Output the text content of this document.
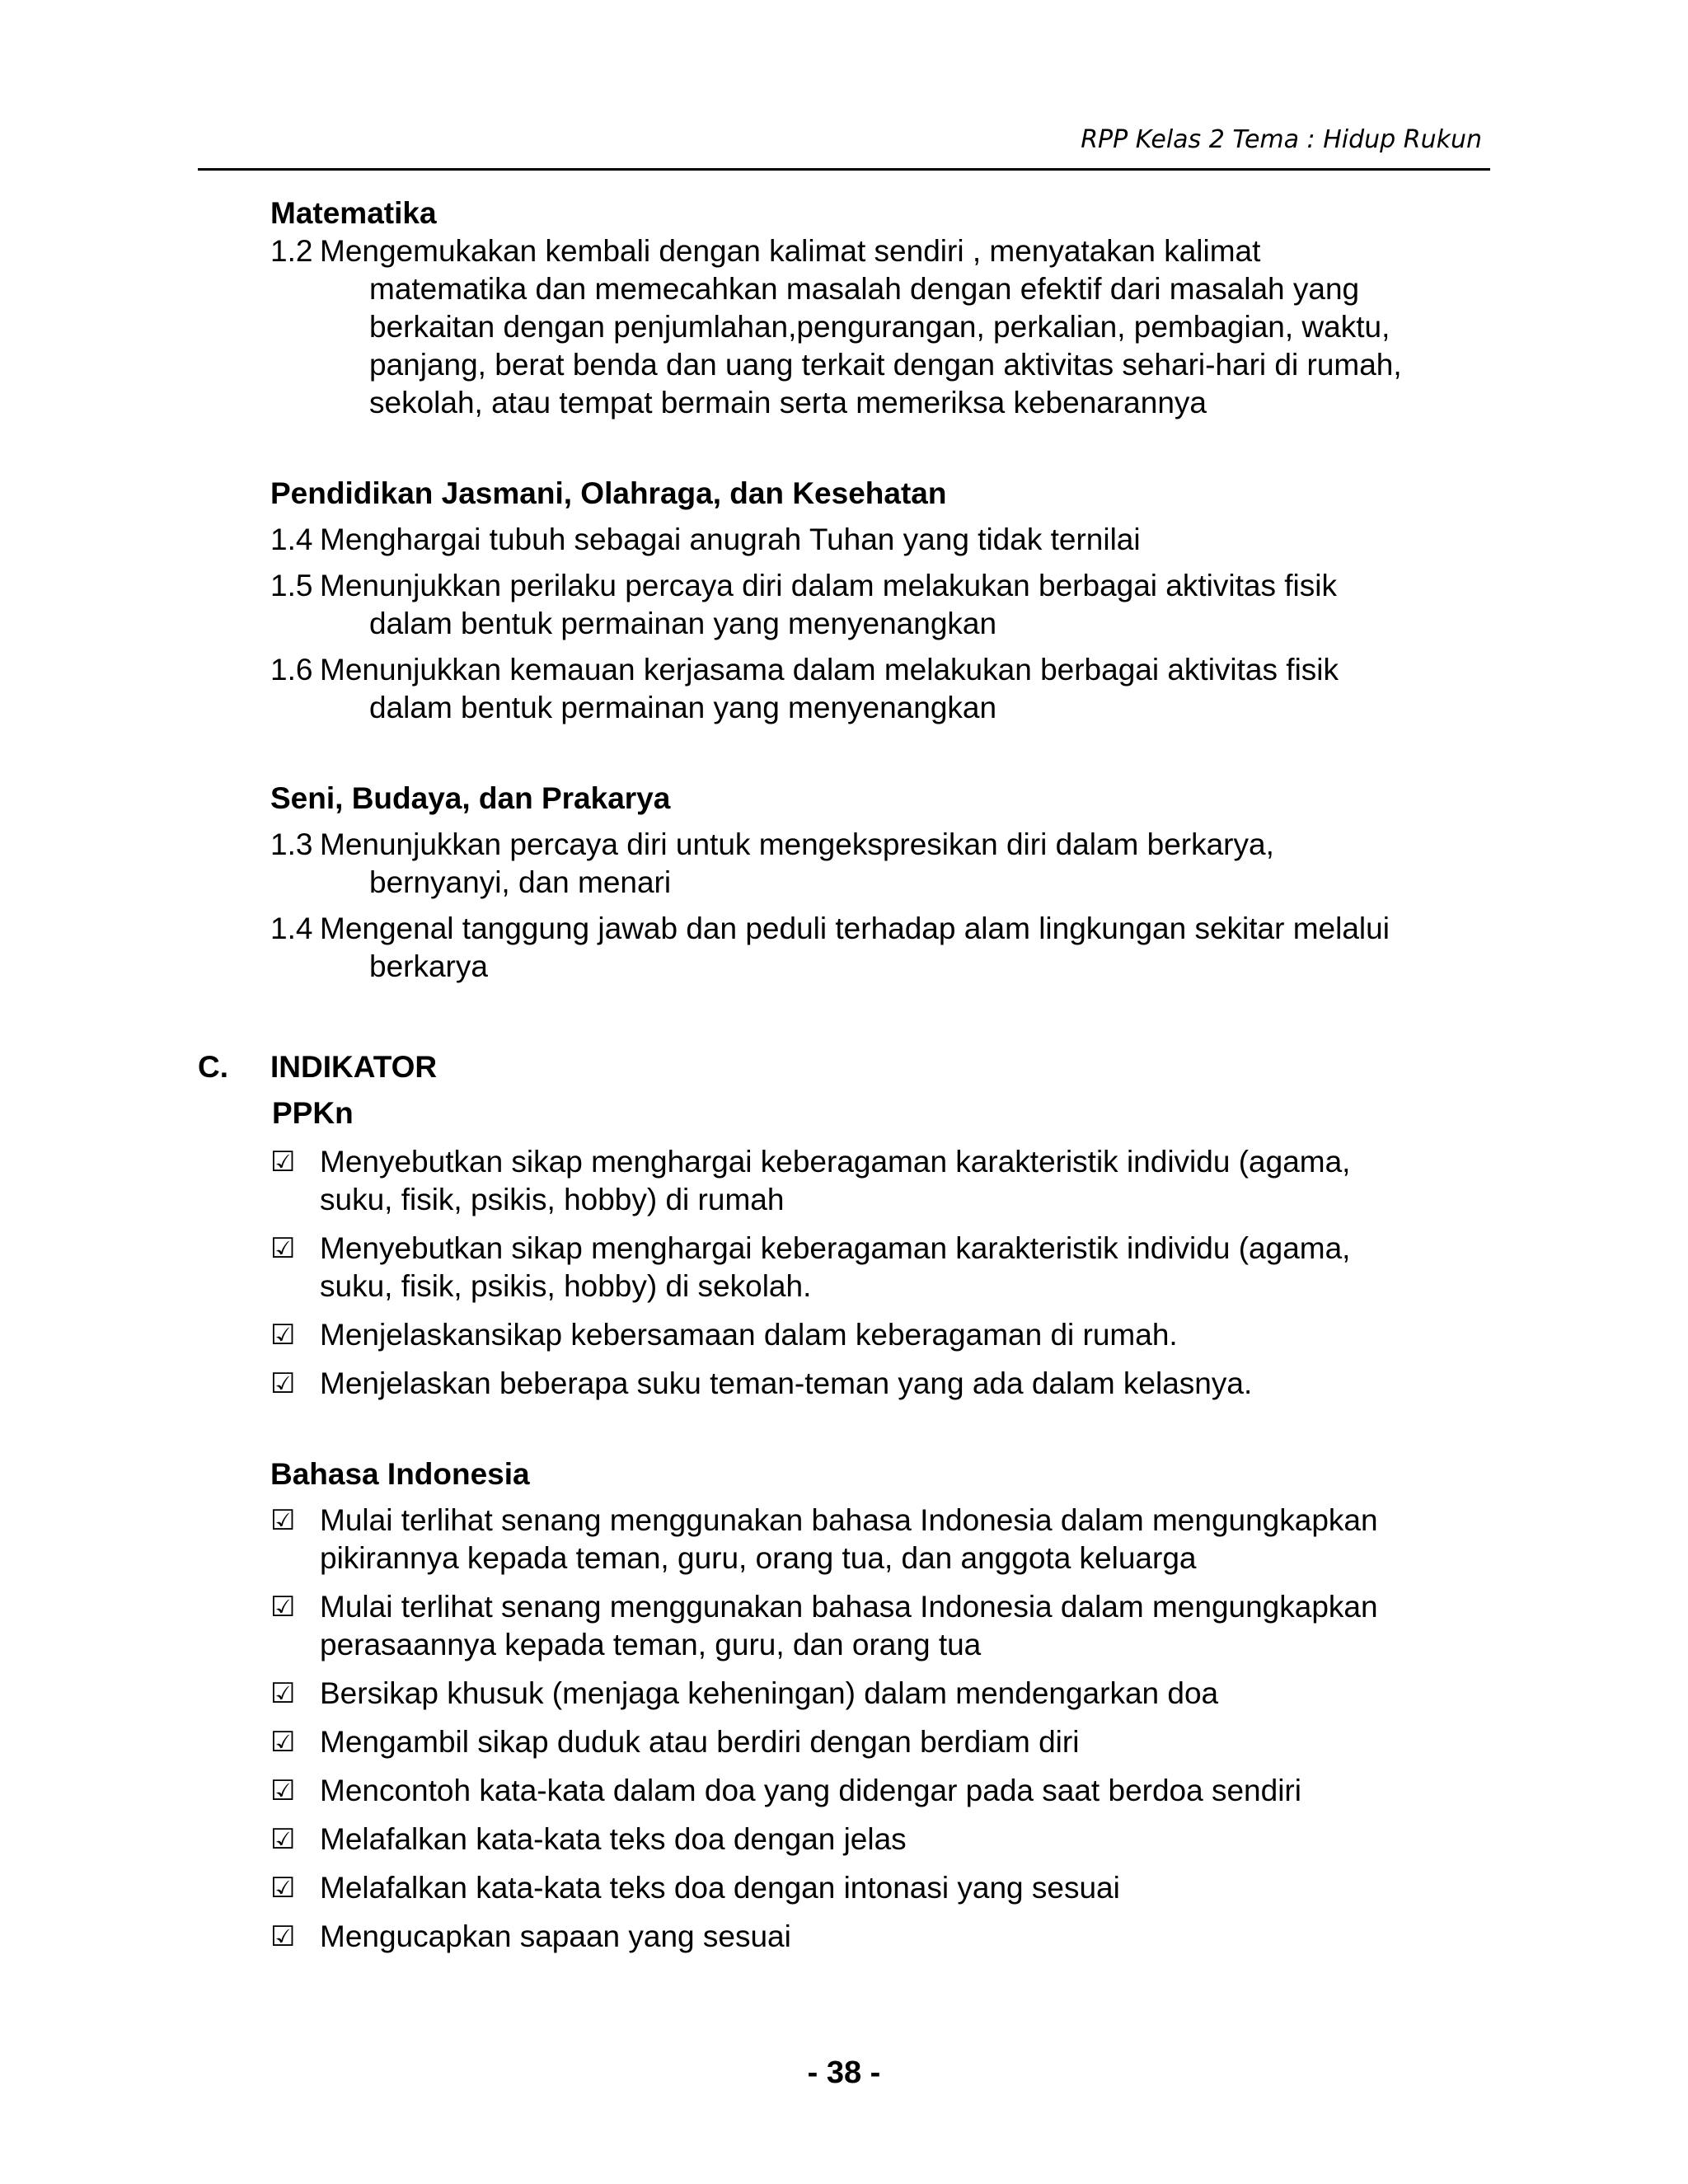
RPP Kelas 2 Tema : Hidup Rukun
Matematika
1.2 Mengemukakan kembali dengan kalimat sendiri , menyatakan kalimat
matematika dan memecahkan masalah dengan efektif dari masalah yang
berkaitan dengan penjumlahan,pengurangan, perkalian, pembagian, waktu,
panjang, berat benda dan uang terkait dengan aktivitas sehari-hari di rumah,
sekolah, atau tempat bermain serta memeriksa kebenarannya
Pendidikan Jasmani, Olahraga, dan Kesehatan
1.4 Menghargai tubuh sebagai anugrah Tuhan yang tidak ternilai
1.5 Menunjukkan perilaku percaya diri dalam melakukan berbagai aktivitas fisik
dalam bentuk permainan yang menyenangkan
1.6 Menunjukkan kemauan kerjasama dalam melakukan berbagai aktivitas fisik
dalam bentuk permainan yang menyenangkan
Seni, Budaya, dan Prakarya
1.3 Menunjukkan percaya diri untuk mengekspresikan diri dalam berkarya,
bernyanyi, dan menari
1.4 Mengenal tanggung jawab dan peduli terhadap alam lingkungan sekitar melalui
berkarya
C.	INDIKATOR
PPKn
☑ Menyebutkan sikap menghargai keberagaman karakteristik individu (agama,
suku, fisik, psikis, hobby) di rumah
☑ Menyebutkan sikap menghargai keberagaman karakteristik individu (agama,
suku, fisik, psikis, hobby) di sekolah.
☑ Menjelaskansikap kebersamaan dalam keberagaman di rumah.
☑ Menjelaskan beberapa suku teman-teman yang ada dalam kelasnya.
Bahasa Indonesia
☑ Mulai terlihat senang menggunakan bahasa Indonesia dalam mengungkapkan
pikirannya kepada teman, guru, orang tua, dan anggota keluarga
☑ Mulai terlihat senang menggunakan bahasa Indonesia dalam mengungkapkan
perasaannya kepada teman, guru, dan orang tua
☑ Bersikap khusuk (menjaga keheningan) dalam mendengarkan doa
☑ Mengambil sikap duduk atau berdiri dengan berdiam diri
☑ Mencontoh kata-kata dalam doa yang didengar pada saat berdoa sendiri
☑ Melafalkan kata-kata teks doa dengan jelas
☑ Melafalkan kata-kata teks doa dengan intonasi yang sesuai
☑ Mengucapkan sapaan yang sesuai
- 38 -
